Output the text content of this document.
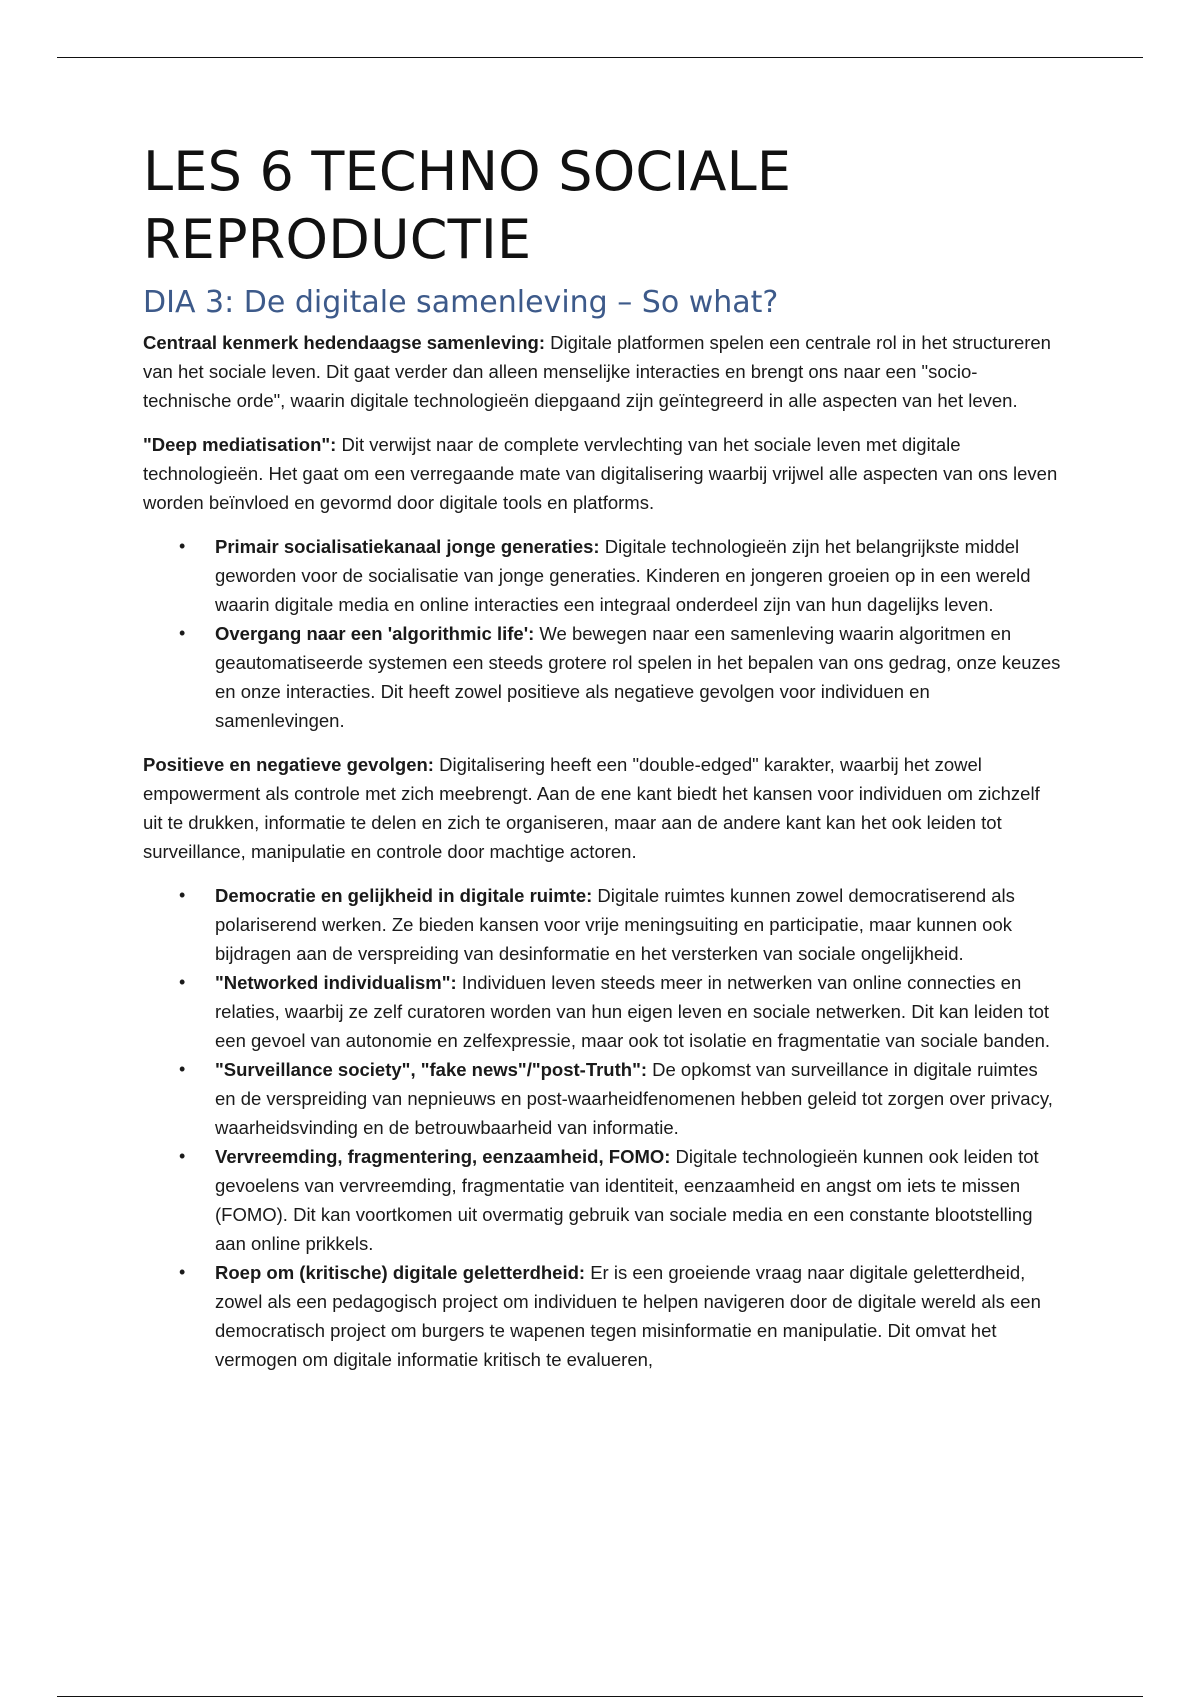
LES 6 TECHNO SOCIALE REPRODUCTIE
DIA 3: De digitale samenleving – So what?

Centraal kenmerk hedendaagse samenleving: Digitale platformen spelen een centrale rol in het structureren van het sociale leven. Dit gaat verder dan alleen menselijke interacties en brengt ons naar een "socio-technische orde", waarin digitale technologieën diepgaand zijn geïntegreerd in alle aspecten van het leven.

"Deep mediatisation": Dit verwijst naar de complete vervlechting van het sociale leven met digitale technologieën. Het gaat om een verregaande mate van digitalisering waarbij vrijwel alle aspecten van ons leven worden beïnvloed en gevormd door digitale tools en platforms.

• Primair socialisatiekanaal jonge generaties: Digitale technologieën zijn het belangrijkste middel geworden voor de socialisatie van jonge generaties. Kinderen en jongeren groeien op in een wereld waarin digitale media en online interacties een integraal onderdeel zijn van hun dagelijks leven.
• Overgang naar een 'algorithmic life': We bewegen naar een samenleving waarin algoritmen en geautomatiseerde systemen een steeds grotere rol spelen in het bepalen van ons gedrag, onze keuzes en onze interacties. Dit heeft zowel positieve als negatieve gevolgen voor individuen en samenlevingen.

Positieve en negatieve gevolgen: Digitalisering heeft een "double-edged" karakter, waarbij het zowel empowerment als controle met zich meebrengt. Aan de ene kant biedt het kansen voor individuen om zichzelf uit te drukken, informatie te delen en zich te organiseren, maar aan de andere kant kan het ook leiden tot surveillance, manipulatie en controle door machtige actoren.

• Democratie en gelijkheid in digitale ruimte: Digitale ruimtes kunnen zowel democratiserend als polariserend werken. Ze bieden kansen voor vrije meningsuiting en participatie, maar kunnen ook bijdragen aan de verspreiding van desinformatie en het versterken van sociale ongelijkheid.
• "Networked individualism": Individuen leven steeds meer in netwerken van online connecties en relaties, waarbij ze zelf curatoren worden van hun eigen leven en sociale netwerken. Dit kan leiden tot een gevoel van autonomie en zelfexpressie, maar ook tot isolatie en fragmentatie van sociale banden.
• "Surveillance society", "fake news"/"post-Truth": De opkomst van surveillance in digitale ruimtes en de verspreiding van nepnieuws en post-waarheidfenomenen hebben geleid tot zorgen over privacy, waarheidsvinding en de betrouwbaarheid van informatie.
• Vervreemding, fragmentering, eenzaamheid, FOMO: Digitale technologieën kunnen ook leiden tot gevoelens van vervreemding, fragmentatie van identiteit, eenzaamheid en angst om iets te missen (FOMO). Dit kan voortkomen uit overmatig gebruik van sociale media en een constante blootstelling aan online prikkels.
• Roep om (kritische) digitale geletterdheid: Er is een groeiende vraag naar digitale geletterdheid, zowel als een pedagogisch project om individuen te helpen navigeren door de digitale wereld als een democratisch project om burgers te wapenen tegen misinformatie en manipulatie. Dit omvat het vermogen om digitale informatie kritisch te evalueren,
